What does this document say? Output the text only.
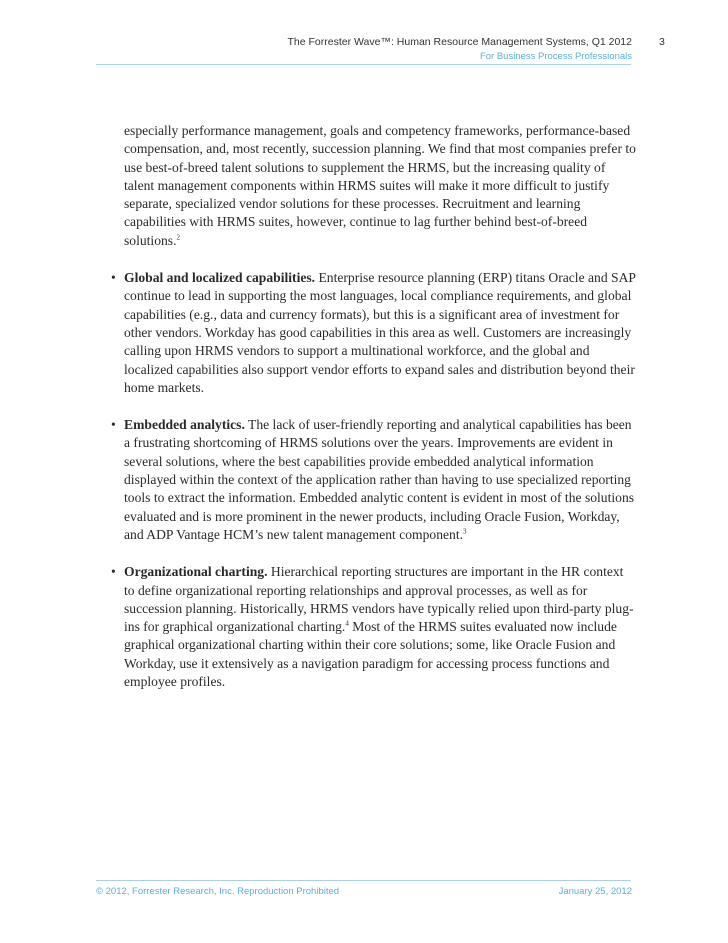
The Forrester Wave™: Human Resource Management Systems, Q1 2012	3
For Business Process Professionals

especially performance management, goals and competency frameworks, performance-based compensation, and, most recently, succession planning. We find that most companies prefer to use best-of-breed talent solutions to supplement the HRMS, but the increasing quality of talent management components within HRMS suites will make it more difficult to justify separate, specialized vendor solutions for these processes. Recruitment and learning capabilities with HRMS suites, however, continue to lag further behind best-of-breed solutions.$^2$

• Global and localized capabilities. Enterprise resource planning (ERP) titans Oracle and SAP continue to lead in supporting the most languages, local compliance requirements, and global capabilities (e.g., data and currency formats), but this is a significant area of investment for other vendors. Workday has good capabilities in this area as well. Customers are increasingly calling upon HRMS vendors to support a multinational workforce, and the global and localized capabilities also support vendor efforts to expand sales and distribution beyond their home markets.
• Embedded analytics. The lack of user-friendly reporting and analytical capabilities has been a frustrating shortcoming of HRMS solutions over the years. Improvements are evident in several solutions, where the best capabilities provide embedded analytical information displayed within the context of the application rather than having to use specialized reporting tools to extract the information. Embedded analytic content is evident in most of the solutions evaluated and is more prominent in the newer products, including Oracle Fusion, Workday, and ADP Vantage HCM’s new talent management component.$^3$
• Organizational charting. Hierarchical reporting structures are important in the HR context to define organizational reporting relationships and approval processes, as well as for succession planning. Historically, HRMS vendors have typically relied upon third-party plug-ins for graphical organizational charting.$^4$ Most of the HRMS suites evaluated now include graphical organizational charting within their core solutions; some, like Oracle Fusion and Workday, use it extensively as a navigation paradigm for accessing process functions and employee profiles.
© 2012, Forrester Research, Inc. Reproduction Prohibited	January 25, 2012
